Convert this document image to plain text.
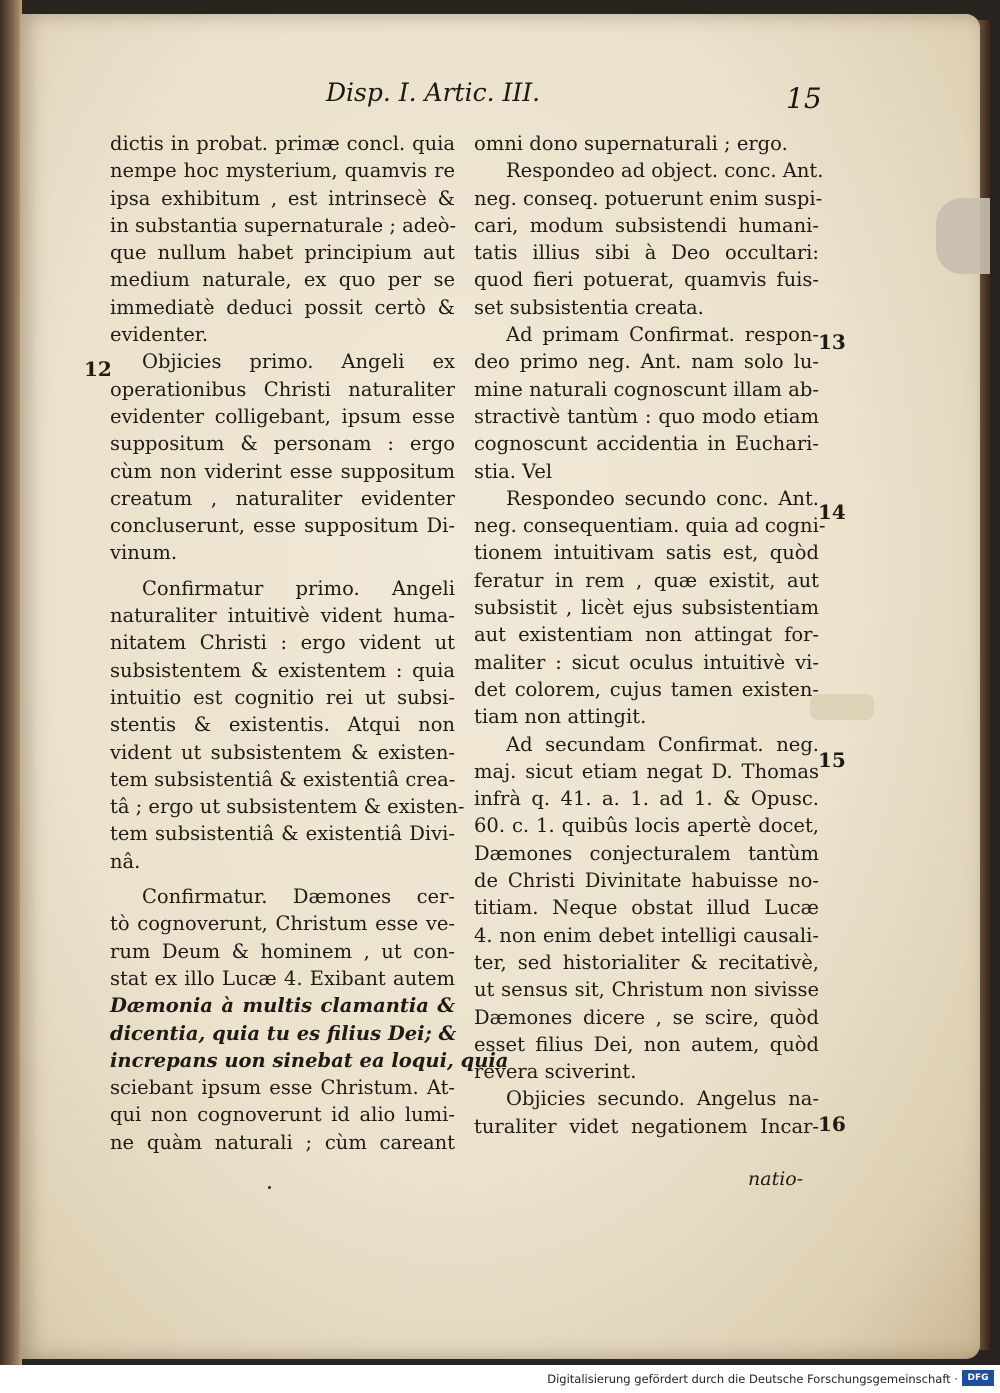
Disp. I. Artic. III.	15
dictis in probat. primæ concl. quia
nempe hoc mysterium, quamvis re
ipsa exhibitum , est intrinsecè &
in substantia supernaturale ; adeò-
que nullum habet principium aut
medium naturale, ex quo per se
immediatè deduci possit certò &
evidenter.
Objicies primo. Angeli ex
operationibus Christi naturaliter
evidenter colligebant, ipsum esse
suppositum & personam : ergo
cùm non viderint esse suppositum
creatum , naturaliter evidenter
concluserunt, esse suppositum Di-
vinum.
Confirmatur primo. Angeli
naturaliter intuitivè vident huma-
nitatem Christi : ergo vident ut
subsistentem & existentem : quia
intuitio est cognitio rei ut subsi-
stentis & existentis. Atqui non
vident ut subsistentem & existen-
tem subsistentiâ & existentiâ crea-
tâ ; ergo ut subsistentem & existen-
tem subsistentiâ & existentiâ Divi-
nâ.
Confirmatur. Dæmones cer-
tò cognoverunt, Christum esse ve-
rum Deum & hominem , ut con-
stat ex illo Lucæ 4. Exibant autem
Dæmonia à multis clamantia &
dicentia, quia tu es filius Dei; &
increpans uon sinebat ea loqui, quia
sciebant ipsum esse Christum. At-
qui non cognoverunt id alio lumi-
ne quàm naturali ; cùm careant
omni dono supernaturali ; ergo.
Respondeo ad object. conc. Ant.
neg. conseq. potuerunt enim suspi-
cari, modum subsistendi humani-
tatis illius sibi à Deo occultari:
quod fieri potuerat, quamvis fuis-
set subsistentia creata.
Ad primam Confirmat. respon-
deo primo neg. Ant. nam solo lu-
mine naturali cognoscunt illam ab-
stractivè tantùm : quo modo etiam
cognoscunt accidentia in Euchari-
stia. Vel
Respondeo secundo conc. Ant.
neg. consequentiam. quia ad cogni-
tionem intuitivam satis est, quòd
feratur in rem , quæ existit, aut
subsistit , licèt ejus subsistentiam
aut existentiam non attingat for-
maliter : sicut oculus intuitivè vi-
det colorem, cujus tamen existen-
tiam non attingit.
Ad secundam Confirmat. neg.
maj. sicut etiam negat D. Thomas
infrà q. 41. a. 1. ad 1. & Opusc.
60. c. 1. quibûs locis apertè docet,
Dæmones conjecturalem tantùm
de Christi Divinitate habuisse no-
titiam. Neque obstat illud Lucæ
4. non enim debet intelligi causali-
ter, sed historialiter & recitativè,
ut sensus sit, Christum non sivisse
Dæmones dicere , se scire, quòd
esset filius Dei, non autem, quòd
revera sciverint.
Objicies secundo. Angelus na-
turaliter videt negationem Incar-
12
13
14
15
16
natio-
Digitalisierung gefördert durch die Deutsche Forschungsgemeinschaft ·	DFG
